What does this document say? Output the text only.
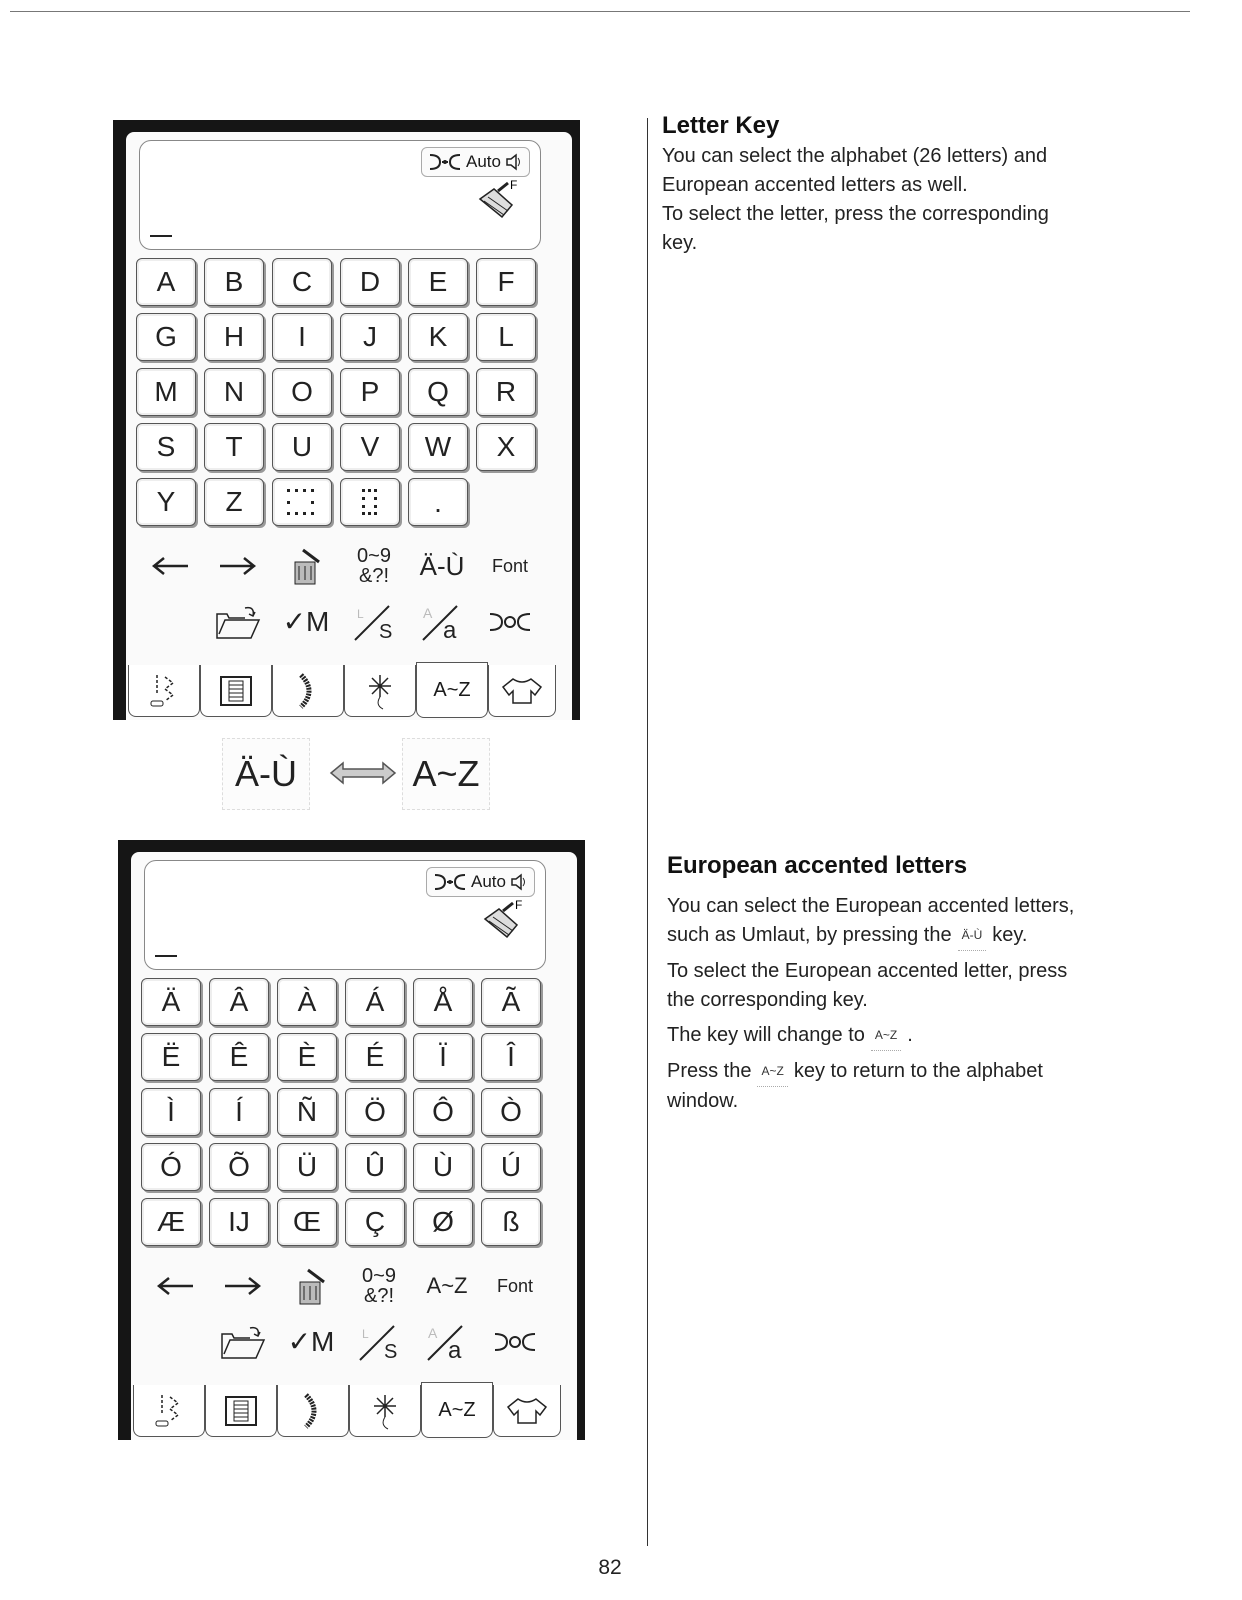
Auto
F
A	B	C	D	E	F
G	H	I	J	K	L
M	N	O	P	Q	R
S	T	U	V	W	X
Y	Z	.
0~9
&?!	Ä-Ù	Font
✓M	L
S
A
a
A~Z
Ä-Ù	A~Z
Auto
F
Ä	Â	À	Á	Å	Ã
Ë	Ê	È	É	Ï	Î
Ì	Í	Ñ	Ö	Ô	Ò
Ó	Õ	Ü	Û	Ù	Ú
Æ	IJ	Œ	Ç	Ø	ß
0~9
&?!	A~Z	Font
✓M	L
S
A
a
A~Z
Letter Key
You can select the alphabet (26 letters) and
European accented letters as well.
To select the letter, press the corresponding
key.
European accented letters

You can select the European accented letters,
such as Umlaut, by pressing the Ä-Ù key.

To select the European accented letter, press
the corresponding key.

The key will change to A~Z .

Press the A~Z key to return to the alphabet
window.

82
